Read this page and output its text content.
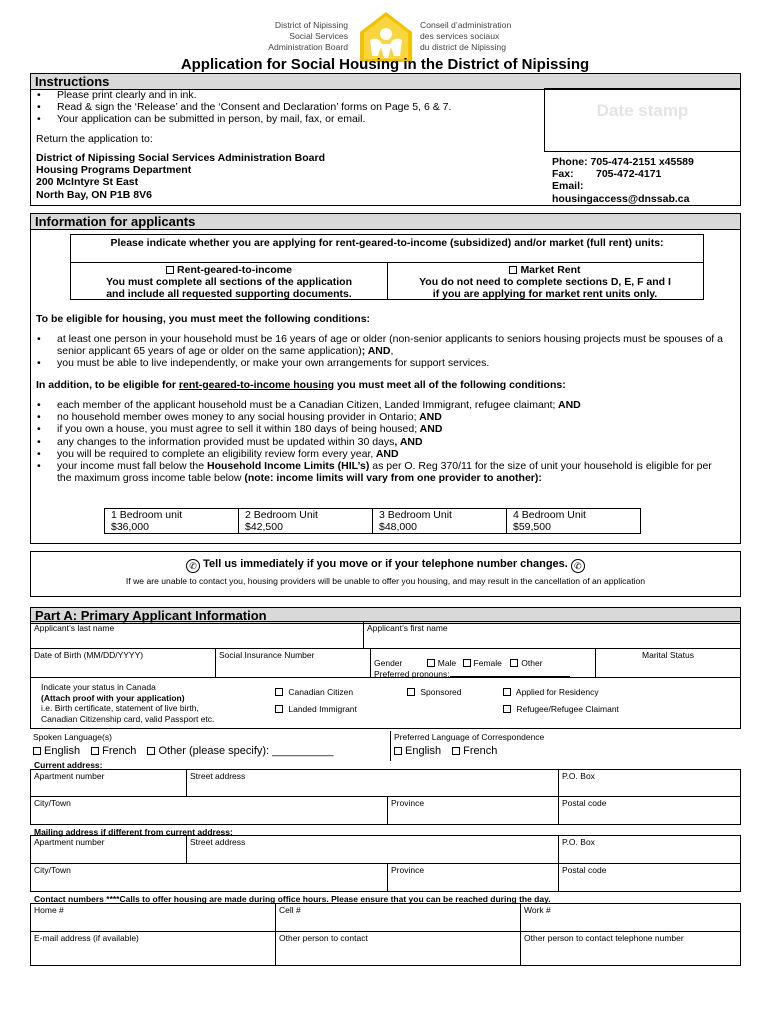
District of Nipissing
Social Services
Administration Board
Conseil d’administration
des services sociaux
du district de Nipissing
Application for Social Housing in the District of Nipissing
Instructions
• Please print clearly and in ink.
• Read & sign the ‘Release’ and the ‘Consent and Declaration’ forms on Page 5, 6 & 7.
• Your application can be submitted in person, by mail, fax, or email.	Date stamp
Return the application to:
District of Nipissing Social Services Administration Board
Housing Programs Department
200 McIntyre St East
North Bay, ON P1B 8V6
Phone: 705-474-2151 x45589
Fax: 705-472-4171
Email:
housingaccess@dnssab.ca
Information for applicants
Please indicate whether you are applying for rent-geared-to-income (subsidized) and/or market (full rent) units:
Rent-geared-to-income
You must complete all sections of the application
and include all requested supporting documents.
Market Rent
You do not need to complete sections D, E, F and I
if you are applying for market rent units only.
To be eligible for housing, you must meet the following conditions:
• at least one person in your household must be 16 years of age or older (non-senior applicants to seniors housing projects must be spouses of a senior applicant 65 years of age or older on the same application); AND,
• you must be able to live independently, or make your own arrangements for support services.
In addition, to be eligible for rent-geared-to-income housing you must meet all of the following conditions:
• each member of the applicant household must be a Canadian Citizen, Landed Immigrant, refugee claimant; AND
• no household member owes money to any social housing provider in Ontario; AND
• if you own a house, you must agree to sell it within 180 days of being housed; AND
• any changes to the information provided must be updated within 30 days, AND
• you will be required to complete an eligibility review form every year, AND
• your income must fall below the Household Income Limits (HIL’s) as per O. Reg 370/11 for the size of unit your household is eligible for per the maximum gross income table below (note: income limits will vary from one provider to another):
1 Bedroom unit
$36,000

2 Bedroom Unit
$42,500

3 Bedroom Unit
$48,000

4 Bedroom Unit
$59,500
✆ Tell us immediately if you move or if your telephone number changes. ✆
If we are unable to contact you, housing providers will be unable to offer you housing, and may result in the cancellation of an application
Part A: Primary Applicant Information
Applicant’s last name	Applicant’s first name
Date of Birth (MM/DD/YYYY)	Social Insurance Number
Gender	Male Female Other
Preferred pronouns:
Marital Status
Indicate your status in Canada
(Attach proof with your application)
i.e. Birth certificate, statement of live birth,
Canadian Citizenship card, valid Passport etc.
Canadian Citizen	Sponsored	Applied for Residency
Landed Immigrant	Refugee/Refugee Claimant
Spoken Language(s)
English French Other (please specify): __________
Preferred Language of Correspondence
English French
Current address:
Apartment number	Street address	P.O. Box
City/Town	Province	Postal code
Mailing address if different from current address:
Apartment number	Street address	P.O. Box
City/Town	Province	Postal code
Contact numbers ****Calls to offer housing are made during office hours. Please ensure that you can be reached during the day.
Home #	Cell #	Work #
E-mail address (if available)	Other person to contact	Other person to contact telephone number
